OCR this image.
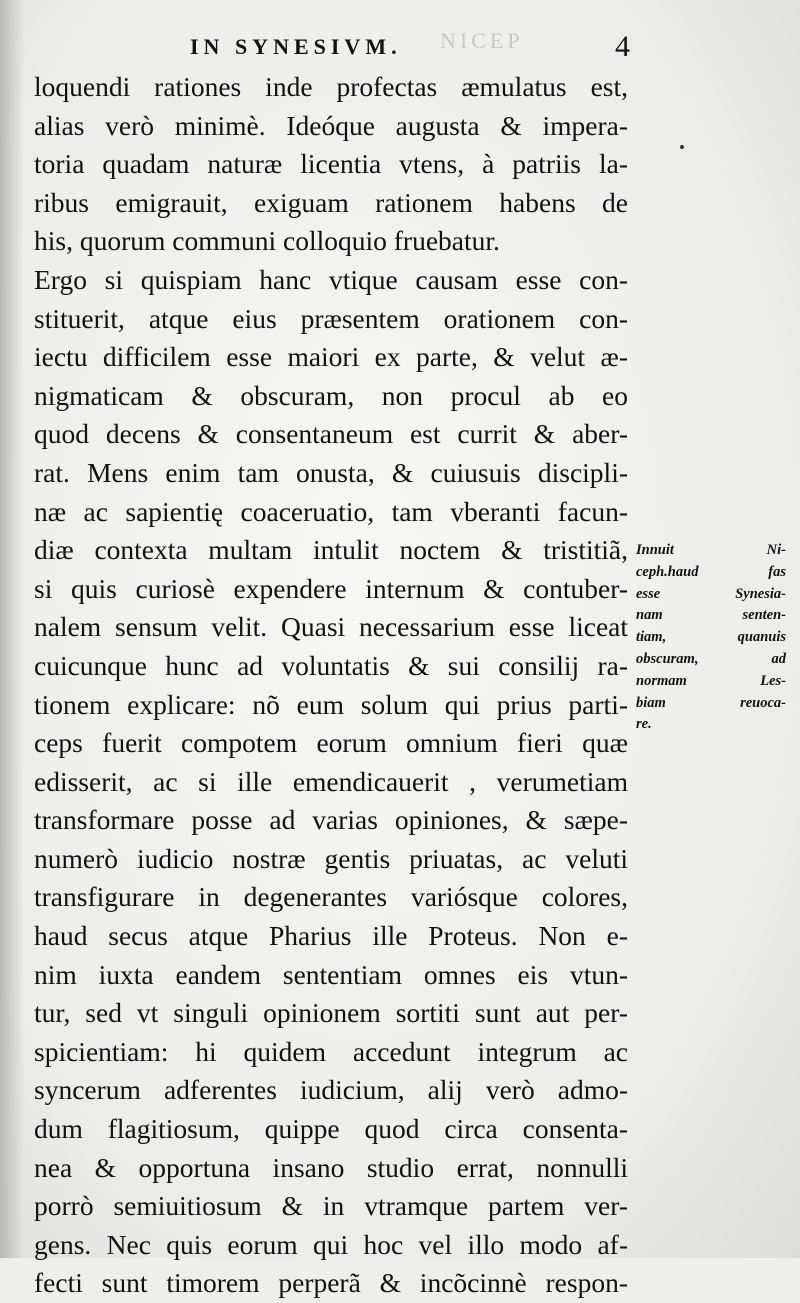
NICEP
IN SYNESIVM.	4
loquendi rationes inde profectas æmulatus est,
alias verò minimè. Ideóque augusta & impera-
toria quadam naturæ licentia vtens, à patriis la-
ribus emigrauit, exiguam rationem habens de
his, quorum communi colloquio fruebatur.
Ergo si quispiam hanc vtique causam esse con-
stituerit, atque eius præsentem orationem con-
iectu difficilem esse maiori ex parte, & velut æ-
nigmaticam & obscuram, non procul ab eo
quod decens & consentaneum est currit & aber-
rat. Mens enim tam onusta, & cuiusuis discipli-
næ ac sapientię coaceruatio, tam vberanti facun-
diæ contexta multam intulit noctem & tristitiã,
si quis curiosè expendere internum & contuber-
nalem sensum velit. Quasi necessarium esse liceat
cuicunque hunc ad voluntatis & sui consilij ra-
tionem explicare: nõ eum solum qui prius parti-
ceps fuerit compotem eorum omnium fieri quæ
edisserit, ac si ille emendicauerit , verumetiam
transformare posse ad varias opiniones, & sæpe-
numerò iudicio nostræ gentis priuatas, ac veluti
transfigurare in degenerantes variósque colores,
haud secus atque Pharius ille Proteus. Non e-
nim iuxta eandem sententiam omnes eis vtun-
tur, sed vt singuli opinionem sortiti sunt aut per-
spicientiam: hi quidem accedunt integrum ac
syncerum adferentes iudicium, alij verò admo-
dum flagitiosum, quippe quod circa consenta-
nea & opportuna insano studio errat, nonnulli
porrò semiuitiosum & in vtramque partem ver-
gens. Nec quis eorum qui hoc vel illo modo af-
fecti sunt timorem perperã & incõcinnè respon-
Innuit Ni-
ceph.haud fas
esse Synesia-
nam senten-
tiam, quanuis
obscuram, ad
normam Les-
biam reuoca-
re.
